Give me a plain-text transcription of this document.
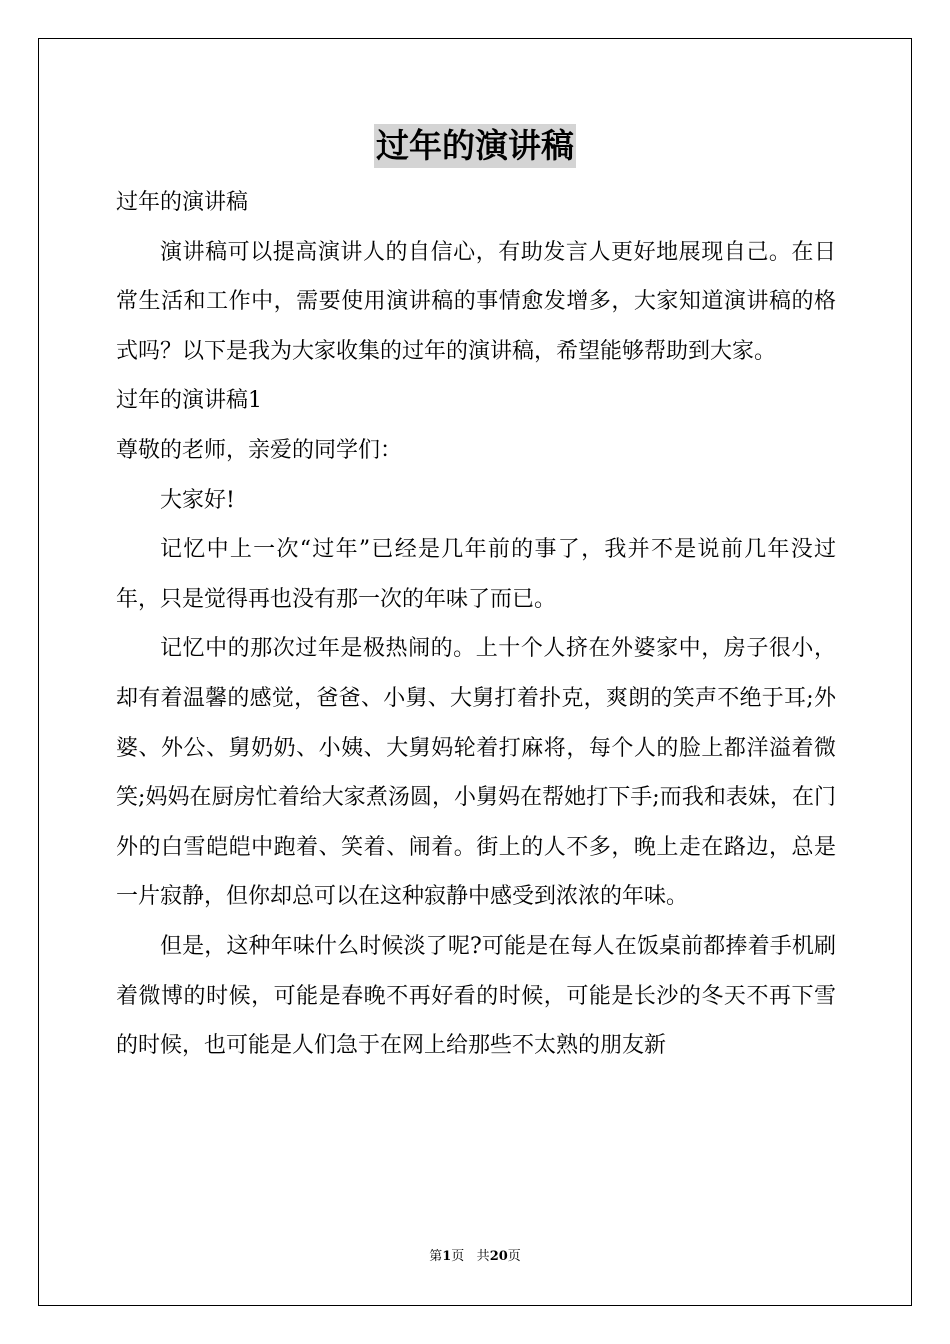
过年的演讲稿

过年的演讲稿

演讲稿可以提高演讲人的自信心，有助发言人更好地展现自己。在日常生活和工作中，需要使用演讲稿的事情愈发增多，大家知道演讲稿的格式吗？以下是我为大家收集的过年的演讲稿，希望能够帮助到大家。

过年的演讲稿1

尊敬的老师，亲爱的同学们：

大家好!

记忆中上一次“过年”已经是几年前的事了，我并不是说前几年没过年，只是觉得再也没有那一次的年味了而已。

记忆中的那次过年是极热闹的。上十个人挤在外婆家中，房子很小，却有着温馨的感觉，爸爸、小舅、大舅打着扑克，爽朗的笑声不绝于耳;外婆、外公、舅奶奶、小姨、大舅妈轮着打麻将，每个人的脸上都洋溢着微笑;妈妈在厨房忙着给大家煮汤圆，小舅妈在帮她打下手;而我和表妹，在门外的白雪皑皑中跑着、笑着、闹着。街上的人不多，晚上走在路边，总是一片寂静，但你却总可以在这种寂静中感受到浓浓的年味。

但是，这种年味什么时候淡了呢?可能是在每人在饭桌前都捧着手机刷着微博的时候，可能是春晚不再好看的时候，可能是长沙的冬天不再下雪的时候，也可能是人们急于在网上给那些不太熟的朋友新

第1页 共20页
